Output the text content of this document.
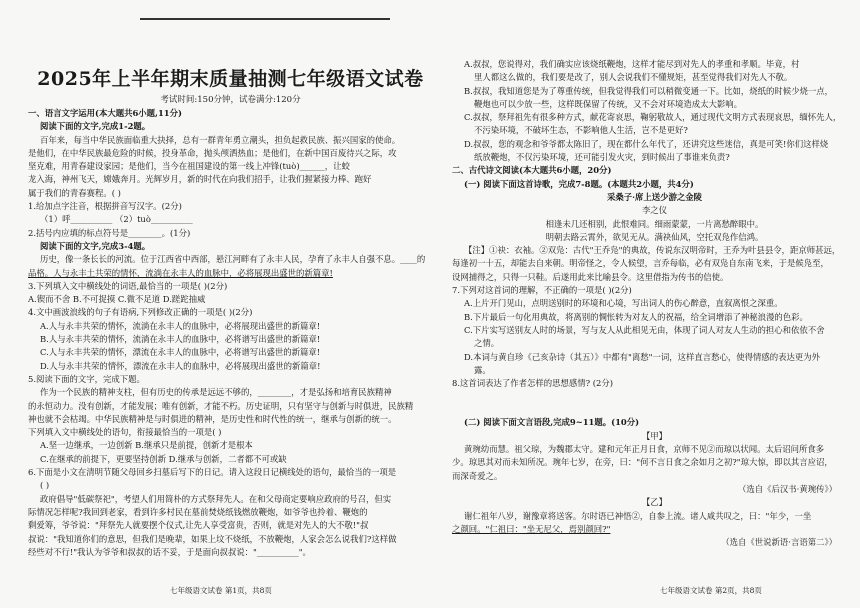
2025年上半年期末质量抽测七年级语文试卷
考试时间:150分钟，试卷满分:120分

一、语言文字运用(本大题共6小题,11分)

阅读下面的文字,完成1-2题。

百年来，每当中华民族面临重大抉择，总有一群青年勇立潮头，担负起救民族、振兴国家的使命。

是他们，在中华民族最危险的时候，投身革命，抛头颅洒热血；是他们，在新中国百废待兴之际，攻

坚克难，用青春建设家园；是他们，当今在祖国建设的第一线上冲锋(tuò)______，让蛟

龙入海，神州飞天，嫦娥奔月。光辉岁月，新的时代在向我们招手，让我们握紧接力棒、跑好

属于我们的青春赛程。( )

1.给加点字注音，根据拼音写汉字。(2分)

（1）呼__________ （2）tuò__________

2.括号内应填的标点符号是________。(1分)

阅读下面的文字,完成3-4题。

历史，像一条长长的河流。位于江西省中西部，悬江河畔有了永丰人民，孕育了永丰人自强不息。____的

品格。人与永丰土共荣的情怀，流淌在永丰人的血脉中，必将展现出盛世的新篇章!

3.下列填入文中横线处的词语,最恰当的一项是( )(2分)

A.锲而不舍 B.不可捉摸 C.微不足道 D.蹉跎抽威

4.文中画波浪线的句子有语病,下列修改正确的一项是( )(2分)

A.人与永丰共荣的情怀，流淌在永丰人的血脉中，必将展现出盛世的新篇章!

B.人与永丰共荣的情怀，流淌在永丰人的血脉中，必将谱写出盛世的新篇章!

C.人与永丰共荣的情怀，漂流在永丰人的血脉中，必将谱写出盛世的新篇章!

D.人与永丰共荣的情怀，漂流在永丰人的血脉中，必将展现出盛世的新篇章!

5.阅读下面的文字，完成下题。

作为一个民族的精神支柱，但有历史的传承是远远不够的，________，才是弘扬和培育民族精神

的永恒动力。没有创新，才能发展；唯有创新，才能不朽。历史证明，只有坚守与创新与时俱进，民族精

神也就不会枯竭。中华民族精神是与时俱进的精神，是历史性和时代性的统一，继承与创新的统一。

下列填入文中横线处的语句，衔接最恰当的一项是( )

A.坚一边继承，一边创新 B.继承只是前提，创新才是根本

C.在继承的前提下，更要坚持创新 D.继承与创新，二者都不可或缺

6.下面是小文在清明节随父母回乡扫墓后写下的日记。请入这段日记横线处的语句，最恰当的一项是

( )

政府倡导"低碳祭祀"，考望人们用简朴的方式祭拜先人。在和父母商定要响应政府的号召，但实

际情况怎样呢?我回到老家，看到许多村民在墓前焚烧纸钱燃放鞭炮，如爷爷也拎着、鞭炮的

剩爱筹，爷爷说："拜祭先人就要摆个仪式,让先人享受富贵，否则，就是对先人的大不敬!"叔

叔说："我知道你们的意思，但我们是晚辈，如果上坟不烧纸，不放鞭炮，人家会怎么说我们?这样做

经些对不行!"我认为爷爷和叔叔的话不妥，于是面向叔叔说："__________"。

A.叔叔，您说得对，我们确实应该烧纸鞭炮，这样才能尽到对先人的孝重和孝顺。毕竟，村

里人都这么做的，我们要是改了，别人会说我们不懂规矩，甚至觉得我们对先人不敬。

B.叔叔，我知道您是为了尊重传统，但我觉得我们可以稍微变通一下。比如，烧纸的时候少烧一点，

鞭炮也可以少放一些，这样既保留了传统，又不会对环境造成太大影响。

C.叔叔，祭拜祖先有很多种方式，献花寄哀思，鞠躬敬故人，通过现代文明方式表现哀思，缅怀先人，

不污染环境，不破坏生态，不影响他人生活，岂不是更好?

D.叔叔，您的观念和爷爷都太陈旧了，现在都什么年代了，还讲究这些迷信，真是可笑!你们这样烧

纸放鞭炮，不仅污染环境，还可能引发火灾，到时候出了事谁来负责?

二、古代诗文阅读(本大题共6小题，20分)

(一) 阅读下面这首诗歌，完成7-8题。(本题共2小题，共4分)

采桑子·席上送少游之金陵

李之仪

相逢未几还相别，此恨难同。细雨蒙蒙，一片离愁醉眼中。

明朝去路云霄外，欲见无从。满袂仙风，空托双凫作信鸿。

【注】①袂：衣袖。②双凫：古代"王乔凫"的典故，传说东汉明帝时，王乔为叶县县令，距京师甚远，

每逢初一十五，却能去自来朝。明帝怪之，令人候望，言乔每临，必有双凫自东南飞来，于是候凫至，

设网捕得之，只得一只鞋。后遂用此来比喻县令。这里借指为传书的信使。

7.下列对这首词的理解，不正确的一项是( )(2分)

A.上片开门见山，点明送别时的环境和心境，写出词人的伤心醉意，直叙离恨之深重。

B.下片最后一句化用典故，将离别的惆怅转为对友人的祝福，给全词增添了神秘浪漫的色彩。

C.下片实写送别友人时的场景，写与友人从此相见无由，体现了词人对友人生动的担心和依依不舍

之情。

D.本词与黄自珍《己亥杂诗（其五）》中都有"离愁"一词，这样直言愁心，使得情感的表达更为外

露。

8.这首词表达了作者怎样的思想感情? (2分)

(二) 阅读下面文言语段,完成9~11题。(10分)

【甲】

黄琬幼而慧。祖父琼，为魏郡太守。建和元年正月日食，京师不见②而琼以状闻。太后诏问所食多

少。琼思其对而未知所况。琬年七岁，在旁，曰："何不言日食之余如月之初?"琼大惊，即以其言应诏，

而深奇爱之。

（选自《后汉书·黄琬传》）

【乙】

谢仁祖年八岁，谢豫章将送客。尔时语已神悟②，自参上流。诸人咸共叹之，曰："年少，一坐

之颜回。"仁祖曰："坐无尼父，焉别颜回?"

（选自《世说新语·言语第二》）

七年级语文试卷 第1页，共8页	七年级语文试卷 第2页，共8页
